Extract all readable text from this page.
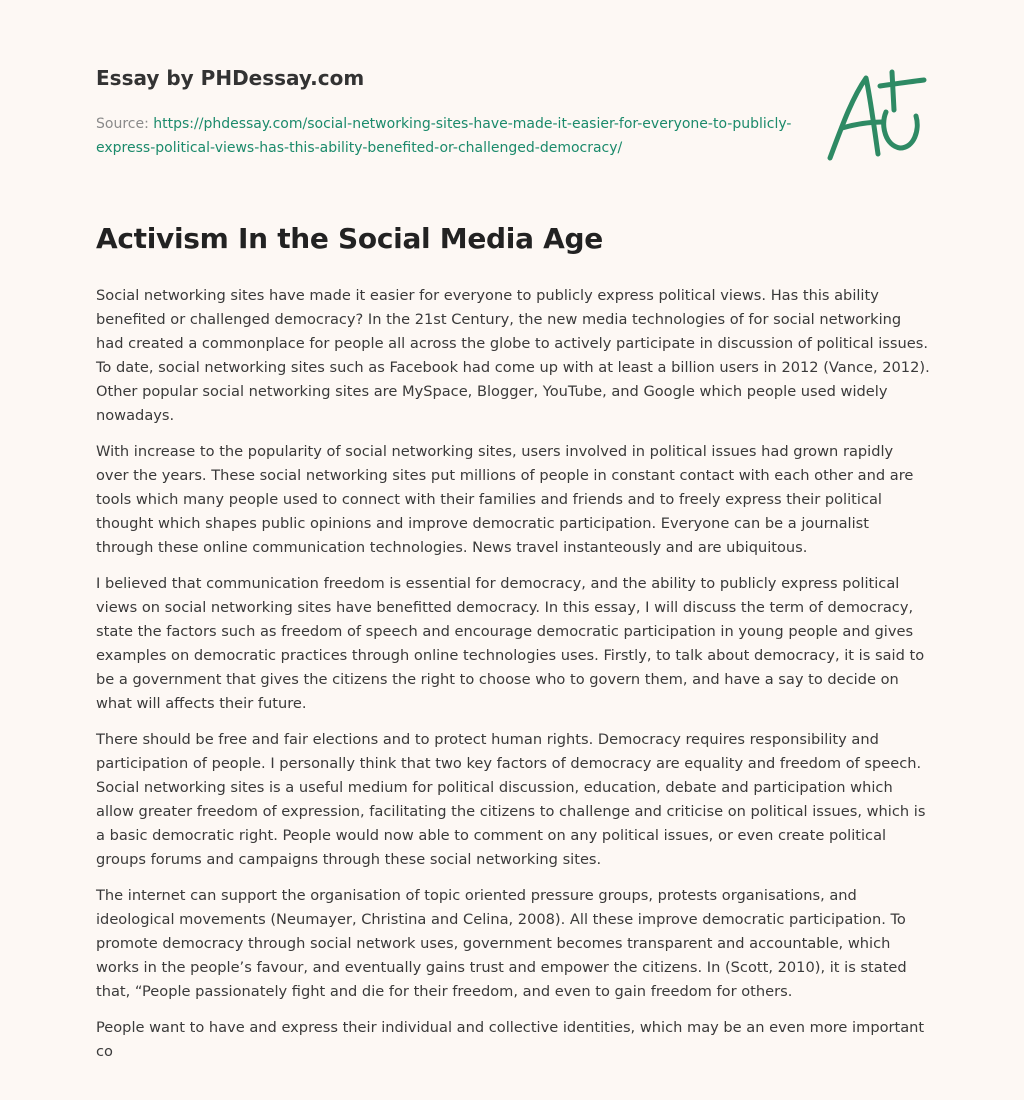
Essay by PHDessay.com
Source: https://phdessay.com/social-networking-sites-have-made-it-easier-for-everyone-to-publicly-express-political-views-has-this-ability-benefited-or-challenged-democracy/
Activism In the Social Media Age

Social networking sites have made it easier for everyone to publicly express political views. Has this ability benefited or challenged democracy? In the 21st Century, the new media technologies of for social networking had created a commonplace for people all across the globe to actively participate in discussion of political issues. To date, social networking sites such as Facebook had come up with at least a billion users in 2012 (Vance, 2012). Other popular social networking sites are MySpace, Blogger, YouTube, and Google which people used widely nowadays.

With increase to the popularity of social networking sites, users involved in political issues had grown rapidly over the years. These social networking sites put millions of people in constant contact with each other and are tools which many people used to connect with their families and friends and to freely express their political thought which shapes public opinions and improve democratic participation. Everyone can be a journalist through these online communication technologies. News travel instanteously and are ubiquitous.

I believed that communication freedom is essential for democracy, and the ability to publicly express political views on social networking sites have benefitted democracy. In this essay, I will discuss the term of democracy, state the factors such as freedom of speech and encourage democratic participation in young people and gives examples on democratic practices through online technologies uses. Firstly, to talk about democracy, it is said to be a government that gives the citizens the right to choose who to govern them, and have a say to decide on what will affects their future.

There should be free and fair elections and to protect human rights. Democracy requires responsibility and participation of people. I personally think that two key factors of democracy are equality and freedom of speech. Social networking sites is a useful medium for political discussion, education, debate and participation which allow greater freedom of expression, facilitating the citizens to challenge and criticise on political issues, which is a basic democratic right. People would now able to comment on any political issues, or even create political groups forums and campaigns through these social networking sites.

The internet can support the organisation of topic oriented pressure groups, protests organisations, and ideological movements (Neumayer, Christina and Celina, 2008). All these improve democratic participation. To promote democracy through social network uses, government becomes transparent and accountable, which works in the people’s favour, and eventually gains trust and empower the citizens. In (Scott, 2010), it is stated that, “People passionately fight and die for their freedom, and even to gain freedom for others.

People want to have and express their individual and collective identities, which may be an even more important co
